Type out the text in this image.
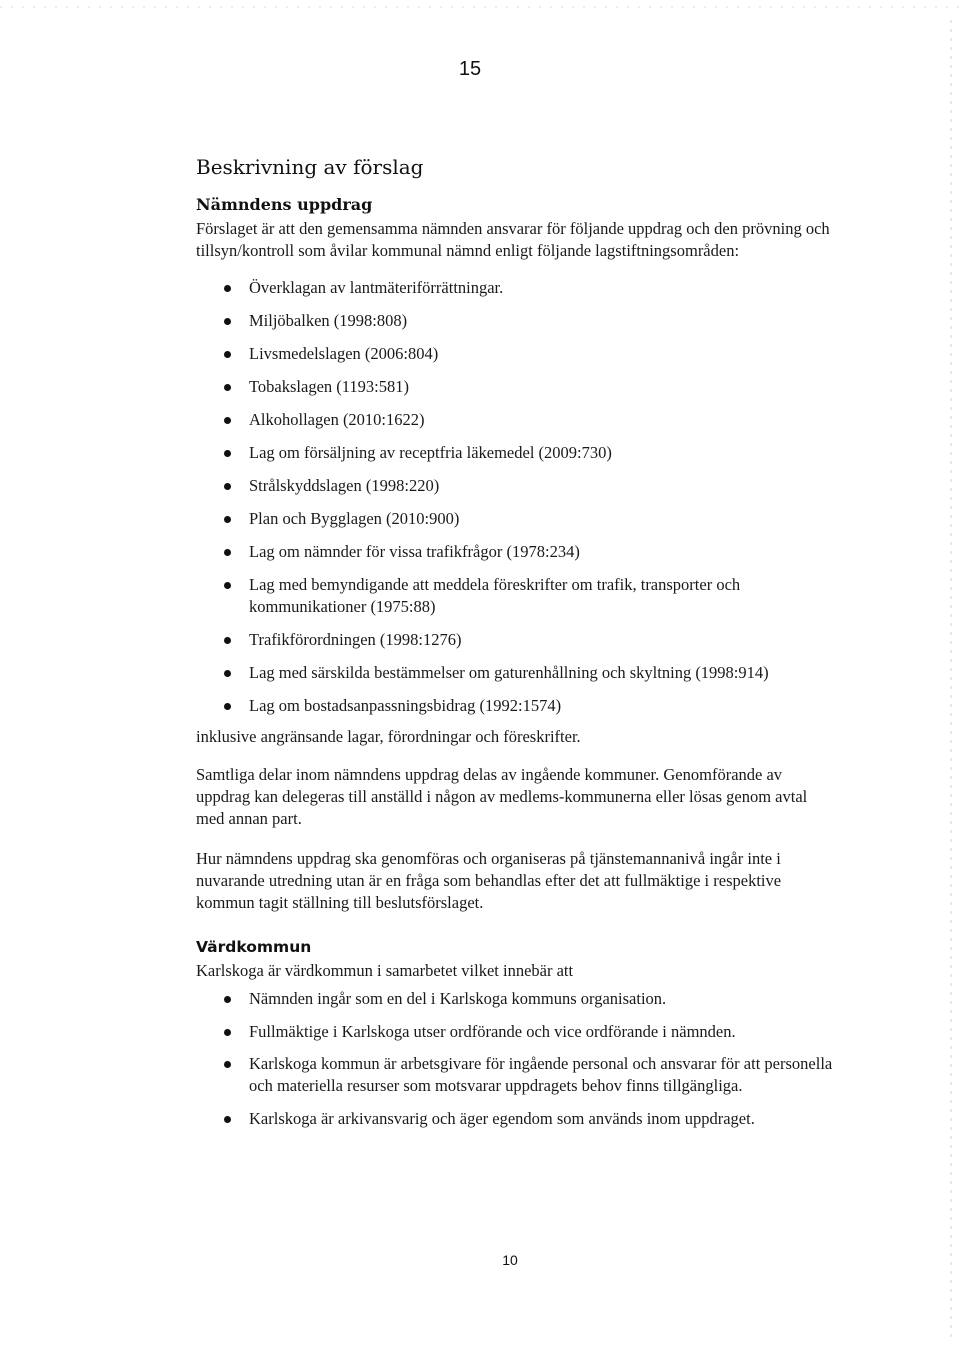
15
Beskrivning av förslag
Nämndens uppdrag

Förslaget är att den gemensamma nämnden ansvarar för följande uppdrag och den prövning och tillsyn/kontroll som åvilar kommunal nämnd enligt följande lagstiftningsområden:

Överklagan av lantmäteriförrättningar.
Miljöbalken (1998:808)
Livsmedelslagen (2006:804)
Tobakslagen (1193:581)
Alkohollagen (2010:1622)
Lag om försäljning av receptfria läkemedel (2009:730)
Strålskyddslagen (1998:220)
Plan och Bygglagen (2010:900)
Lag om nämnder för vissa trafikfrågor (1978:234)
Lag med bemyndigande att meddela föreskrifter om trafik, transporter och kommunikationer (1975:88)
Trafikförordningen (1998:1276)
Lag med särskilda bestämmelser om gaturenhållning och skyltning (1998:914)
Lag om bostadsanpassningsbidrag (1992:1574)

inklusive angränsande lagar, förordningar och föreskrifter.

Samtliga delar inom nämndens uppdrag delas av ingående kommuner. Genomförande av uppdrag kan delegeras till anställd i någon av medlems-kommunerna eller lösas genom avtal med annan part.

Hur nämndens uppdrag ska genomföras och organiseras på tjänstemannanivå ingår inte i nuvarande utredning utan är en fråga som behandlas efter det att fullmäktige i respektive kommun tagit ställning till beslutsförslaget.

Värdkommun

Karlskoga är värdkommun i samarbetet vilket innebär att

Nämnden ingår som en del i Karlskoga kommuns organisation.
Fullmäktige i Karlskoga utser ordförande och vice ordförande i nämnden.
Karlskoga kommun är arbetsgivare för ingående personal och ansvarar för att personella och materiella resurser som motsvarar uppdragets behov finns tillgängliga.
Karlskoga är arkivansvarig och äger egendom som används inom uppdraget.
10
